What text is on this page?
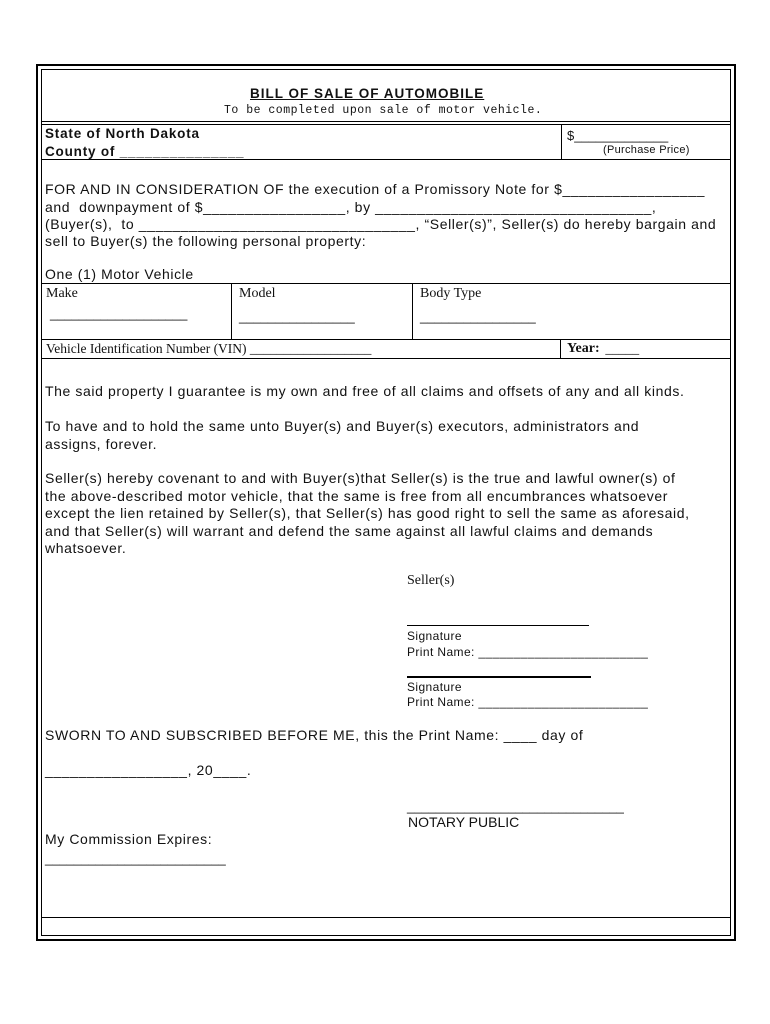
BILL OF SALE OF AUTOMOBILE
To be completed upon sale of motor vehicle.
State of North Dakota
County of _______________
$_____________
(Purchase Price)
FOR AND IN CONSIDERATION OF the execution of a Promissory Note for $_________________
and  downpayment of $_________________, by _________________________________,
(Buyer(s),  to _________________________________, “Seller(s)”, Seller(s) do hereby bargain and
sell to Buyer(s) the following personal property:
One (1) Motor Vehicle
Make
___________________
Model
________________
Body Type
________________
Vehicle Identification Number (VIN) __________________	Year: _____
The said property I guarantee is my own and free of all claims and offsets of any and all kinds.
To have and to hold the same unto Buyer(s) and Buyer(s) executors, administrators and
assigns, forever.
Seller(s) hereby covenant to and with Buyer(s)that Seller(s) is the true and lawful owner(s) of
the above-described motor vehicle, that the same is free from all encumbrances whatsoever
except the lien retained by Seller(s), that Seller(s) has good right to sell the same as aforesaid,
and that Seller(s) will warrant and defend the same against all lawful claims and demands
whatsoever.
Seller(s)
Signature
Print Name: ________________________
Signature
Print Name: ________________________
SWORN TO AND SUBSCRIBED BEFORE ME, this the Print Name: ____ day of
_________________, 20____.
______________________________
NOTARY PUBLIC
My Commission Expires:
_________________________
